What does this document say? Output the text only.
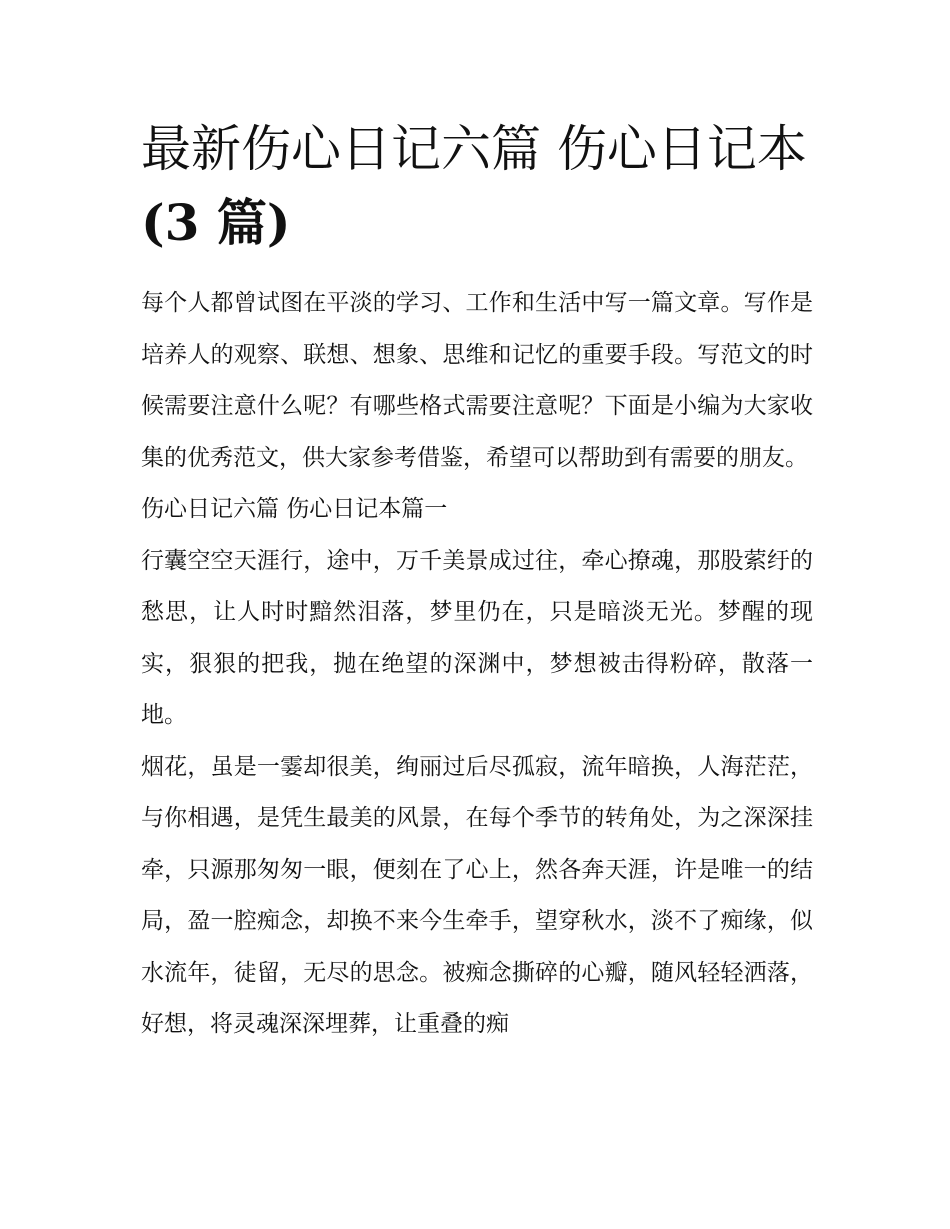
最新伤心日记六篇 伤心日记本
(3 篇)

每个人都曾试图在平淡的学习、工作和生活中写一篇文章。写作是培养人的观察、联想、想象、思维和记忆的重要手段。写范文的时候需要注意什么呢？有哪些格式需要注意呢？下面是小编为大家收集的优秀范文，供大家参考借鉴，希望可以帮助到有需要的朋友。

伤心日记六篇 伤心日记本篇一

行囊空空天涯行，途中，万千美景成过往，牵心撩魂，那股萦纡的愁思，让人时时黯然泪落，梦里仍在，只是暗淡无光。梦醒的现实，狠狠的把我，抛在绝望的深渊中，梦想被击得粉碎，散落一地。

烟花，虽是一霎却很美，绚丽过后尽孤寂，流年暗换，人海茫茫，与你相遇，是凭生最美的风景，在每个季节的转角处，为之深深挂牵，只源那匆匆一眼，便刻在了心上，然各奔天涯，许是唯一的结局，盈一腔痴念，却换不来今生牵手，望穿秋水，淡不了痴缘，似水流年，徒留，无尽的思念。被痴念撕碎的心瓣，随风轻轻洒落，好想，将灵魂深深埋葬，让重叠的痴
